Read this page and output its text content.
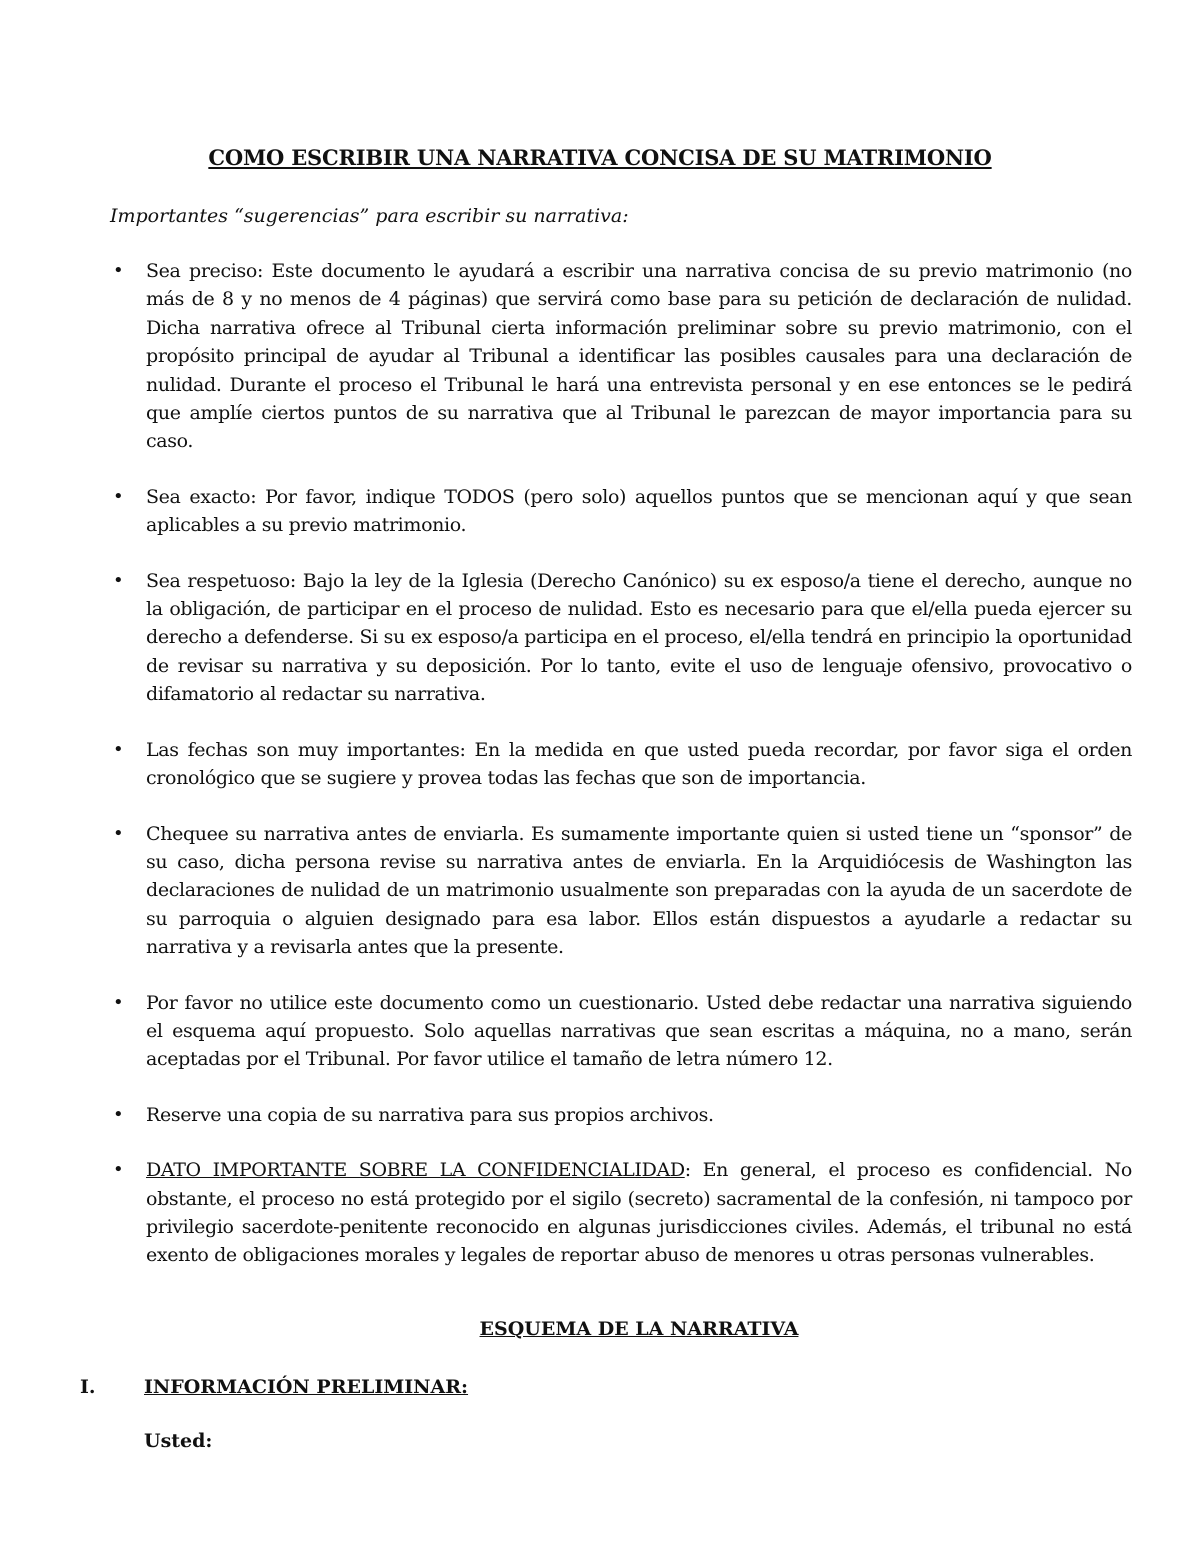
COMO ESCRIBIR UNA NARRATIVA CONCISA DE SU MATRIMONIO
Importantes “sugerencias” para escribir su narrativa:
• Sea preciso: Este documento le ayudará a escribir una narrativa concisa de su previo matrimonio (no más de 8 y no menos de 4 páginas) que servirá como base para su petición de declaración de nulidad. Dicha narrativa ofrece al Tribunal cierta información preliminar sobre su previo matrimonio, con el propósito principal de ayudar al Tribunal a identificar las posibles causales para una declaración de nulidad. Durante el proceso el Tribunal le hará una entrevista personal y en ese entonces se le pedirá que amplíe ciertos puntos de su narrativa que al Tribunal le parezcan de mayor importancia para su caso.
• Sea exacto: Por favor, indique TODOS (pero solo) aquellos puntos que se mencionan aquí y que sean aplicables a su previo matrimonio.
• Sea respetuoso: Bajo la ley de la Iglesia (Derecho Canónico) su ex esposo/a tiene el derecho, aunque no la obligación, de participar en el proceso de nulidad. Esto es necesario para que el/ella pueda ejercer su derecho a defenderse. Si su ex esposo/a participa en el proceso, el/ella tendrá en principio la oportunidad de revisar su narrativa y su deposición. Por lo tanto, evite el uso de lenguaje ofensivo, provocativo o difamatorio al redactar su narrativa.
• Las fechas son muy importantes: En la medida en que usted pueda recordar, por favor siga el orden cronológico que se sugiere y provea todas las fechas que son de importancia.
• Chequee su narrativa antes de enviarla. Es sumamente importante quien si usted tiene un “sponsor” de su caso, dicha persona revise su narrativa antes de enviarla. En la Arquidiócesis de Washington las declaraciones de nulidad de un matrimonio usualmente son preparadas con la ayuda de un sacerdote de su parroquia o alguien designado para esa labor. Ellos están dispuestos a ayudarle a redactar su narrativa y a revisarla antes que la presente.
• Por favor no utilice este documento como un cuestionario. Usted debe redactar una narrativa siguiendo el esquema aquí propuesto. Solo aquellas narrativas que sean escritas a máquina, no a mano, serán aceptadas por el Tribunal. Por favor utilice el tamaño de letra número 12.
• Reserve una copia de su narrativa para sus propios archivos.
• DATO IMPORTANTE SOBRE LA CONFIDENCIALIDAD: En general, el proceso es confidencial. No obstante, el proceso no está protegido por el sigilo (secreto) sacramental de la confesión, ni tampoco por privilegio sacerdote-penitente reconocido en algunas jurisdicciones civiles. Además, el tribunal no está exento de obligaciones morales y legales de reportar abuso de menores u otras personas vulnerables.
ESQUEMA DE LA NARRATIVA
I.	INFORMACIÓN PRELIMINAR:
Usted:
